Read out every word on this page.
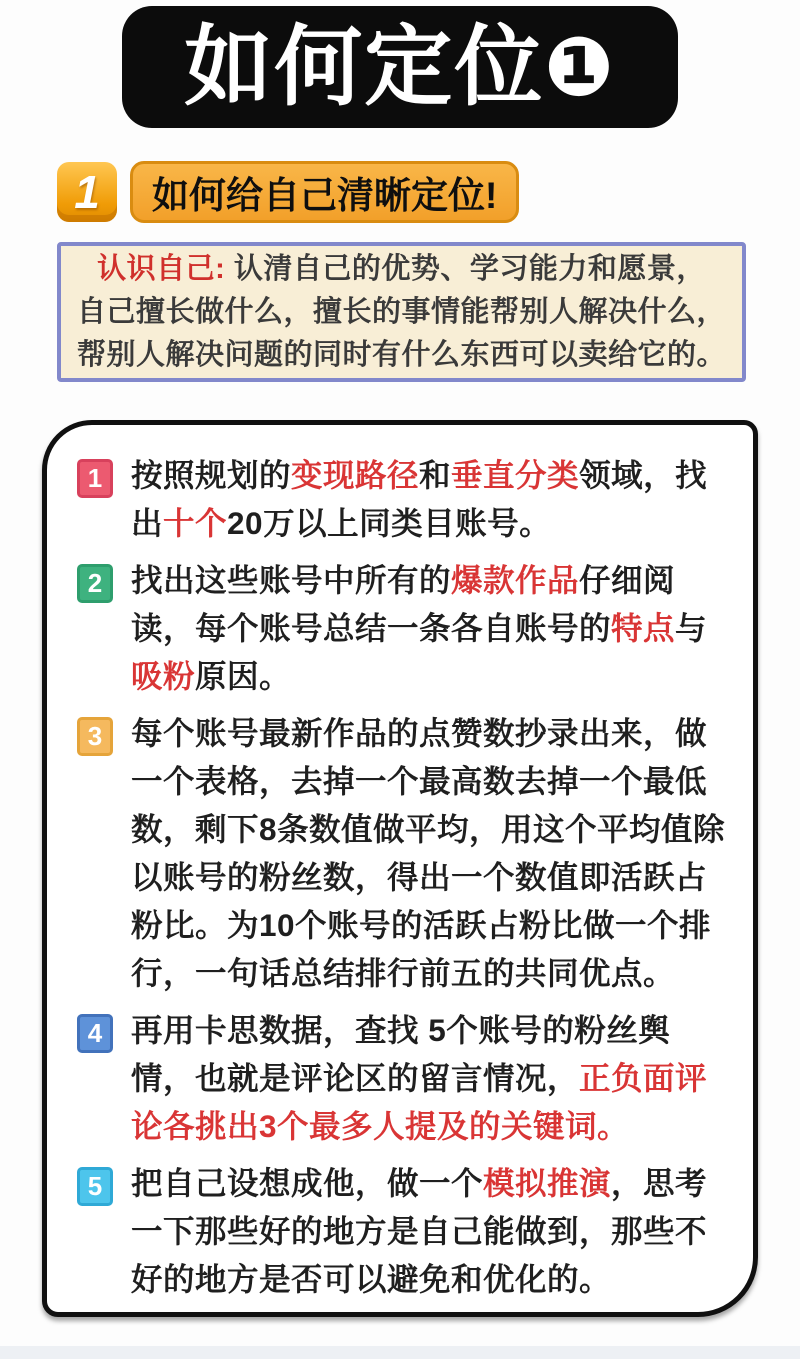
如何定位❶
1	如何给自己清晰定位!
认识自己: 认清自己的优势、学习能力和愿景，
自己擅长做什么，擅长的事情能帮别人解决什么，
帮别人解决问题的同时有什么东西可以卖给它的。
1 按照规划的变现路径和垂直分类领域，找出十个20万以上同类目账号。
2 找出这些账号中所有的爆款作品仔细阅读，每个账号总结一条各自账号的特点与吸粉原因。
3 每个账号最新作品的点赞数抄录出来，做一个表格，去掉一个最高数去掉一个最低数，剩下8条数值做平均，用这个平均值除以账号的粉丝数，得出一个数值即活跃占粉比。为10个账号的活跃占粉比做一个排行，一句话总结排行前五的共同优点。
4 再用卡思数据，查找 5个账号的粉丝舆情，也就是评论区的留言情况，正负面评论各挑出3个最多人提及的关键词。
5 把自己设想成他，做一个模拟推演，思考一下那些好的地方是自己能做到，那些不好的地方是否可以避免和优化的。
